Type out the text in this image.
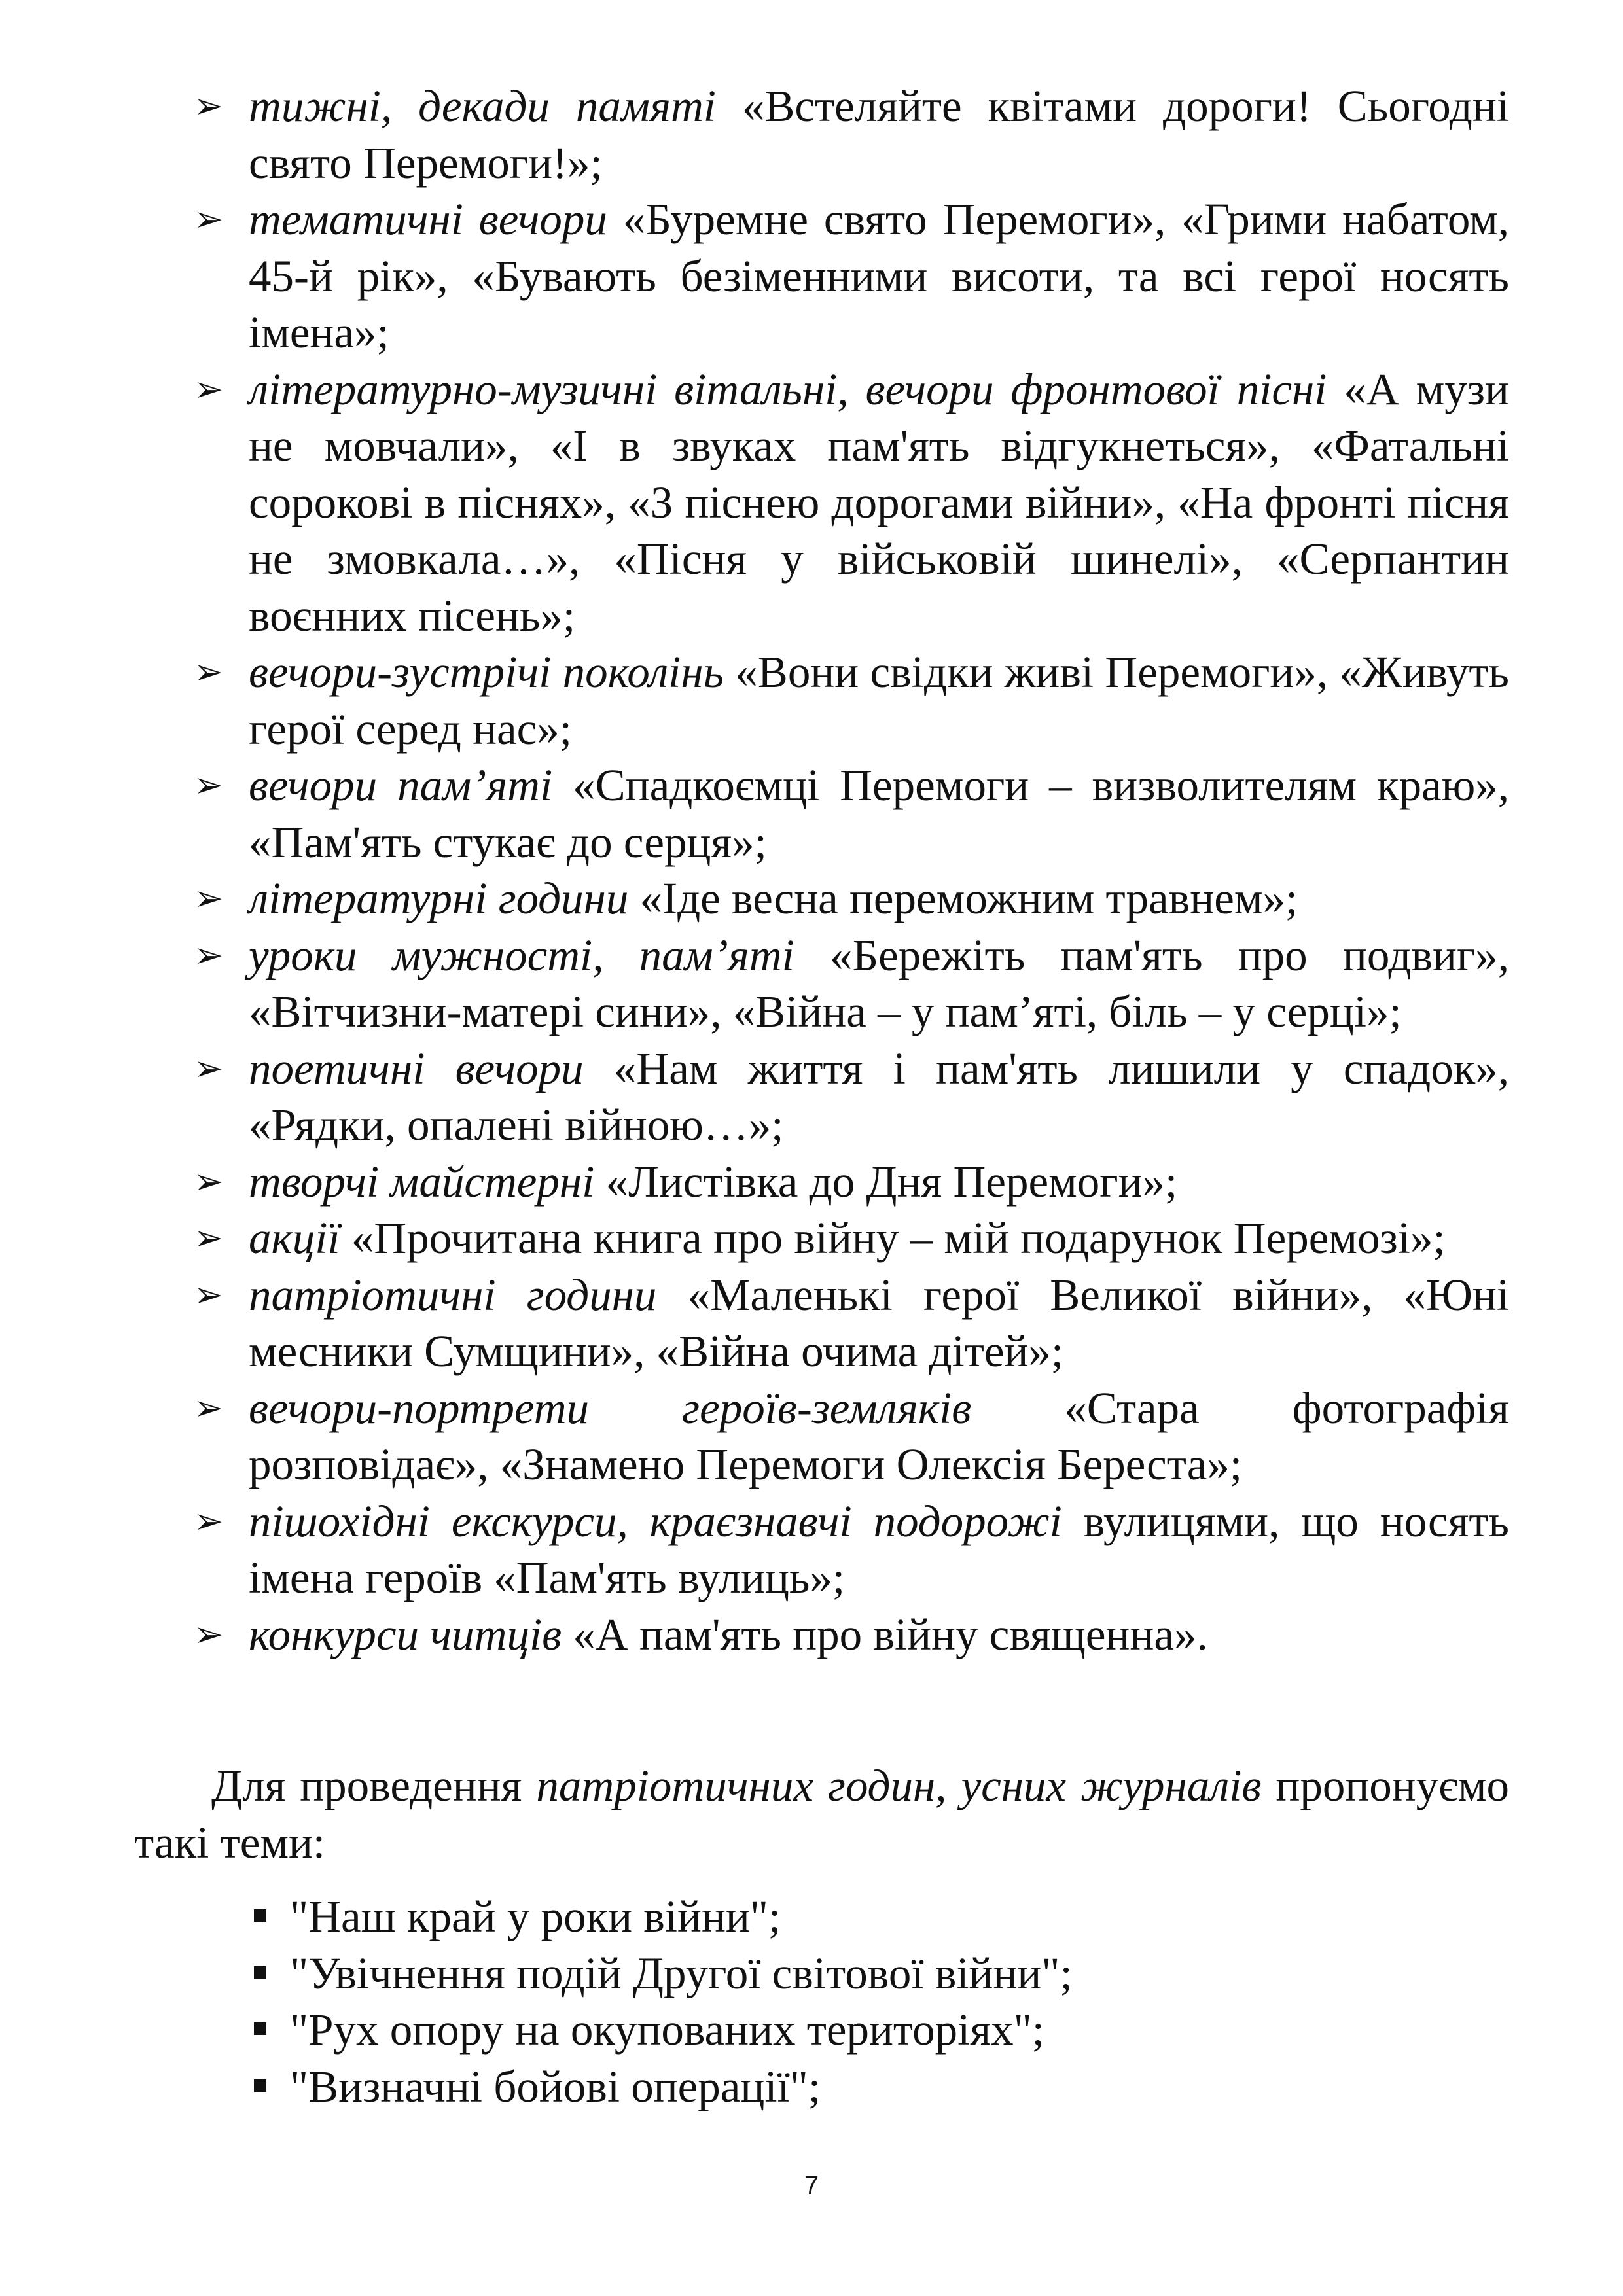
➢ тижні, декади памяті «Встеляйте квітами дороги! Сьогодні свято Перемоги!»;
➢ тематичні вечори «Буремне свято Перемоги», «Грими набатом, 45-й рік», «Бувають безіменними висоти, та всі герої носять імена»;
➢ літературно-музичні вітальні, вечори фронтової пісні «А музи не мовчали», «І в звуках пам'ять відгукнеться», «Фатальні сорокові в піснях», «З піснею дорогами війни», «На фронті пісня не змовкала…», «Пісня у військовій шинелі», «Серпантин воєнних пісень»;
➢ вечори-зустрічі поколінь «Вони свідки живі Перемоги», «Живуть герої серед нас»;
➢ вечори пам’яті «Спадкоємці Перемоги – визволителям краю», «Пам'ять стукає до серця»;
➢ літературні години «Іде весна переможним травнем»;
➢ уроки мужності, пам’яті «Бережіть пам'ять про подвиг», «Вітчизни-матері сини», «Війна – у пам’яті, біль – у серці»;
➢ поетичні вечори «Нам життя і пам'ять лишили у спадок», «Рядки, опалені війною…»;
➢ творчі майстерні «Листівка до Дня Перемоги»;
➢ акції «Прочитана книга про війну – мій подарунок Перемозі»;
➢ патріотичні години «Маленькі герої Великої війни», «Юні месники Сумщини», «Війна очима дітей»;
➢ вечори-портрети героїв-земляків «Стара фотографія розповідає», «Знамено Перемоги Олексія Береста»;
➢ пішохідні екскурси, краєзнавчі подорожі вулицями, що носять імена героїв «Пам'ять вулиць»;
➢ конкурси читців «А пам'ять про війну священна».

Для проведення патріотичних годин, усних журналів пропонуємо такі теми:

"Наш край у роки війни";
"Увічнення подій Другої світової війни";
"Рух опору на окупованих територіях";
"Визначні бойові операції";
7
